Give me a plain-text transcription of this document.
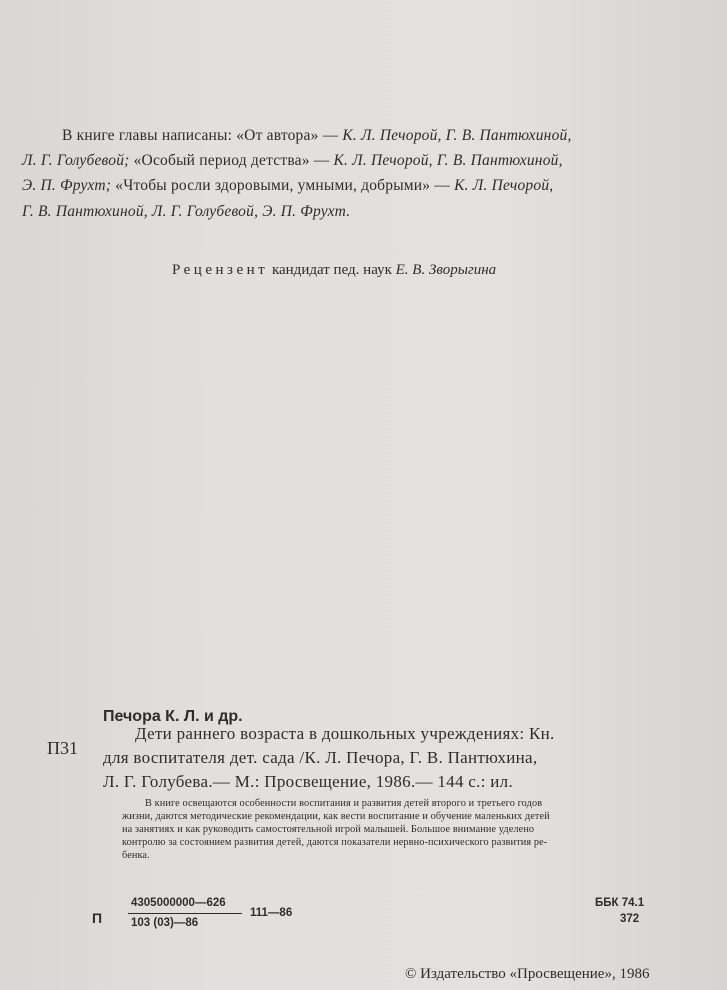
В книге главы написаны: «От автора» — К. Л. Печорой, Г. В. Пантюхиной,
Л. Г. Голубевой; «Особый период детства» — К. Л. Печорой, Г. В. Пантюхиной,
Э. П. Фрухт; «Чтобы росли здоровыми, умными, добрыми» — К. Л. Печорой,
Г. В. Пантюхиной, Л. Г. Голубевой, Э. П. Фрухт.
Рецензент кандидат пед. наук Е. В. Зворыгина
Печора К. Л. и др.
П31
Дети раннего возраста в дошкольных учреждениях: Кн.
для воспитателя дет. сада /К. Л. Печора, Г. В. Пантюхина,
Л. Г. Голубева.— М.: Просвещение, 1986.— 144 с.: ил.
В книге освещаются особенности воспитания и развития детей второго и третьего годов
жизни, даются методические рекомендации, как вести воспитание и обучение маленьких детей
на занятиях и как руководить самостоятельной игрой малышей. Большое внимание уделено
контролю за состоянием развития детей, даются показатели нервно-психического развития ре-
бенка.
П
4305000000—626
103 (03)—86
111—86
ББК 74.1
372
© Издательство «Просвещение», 1986
